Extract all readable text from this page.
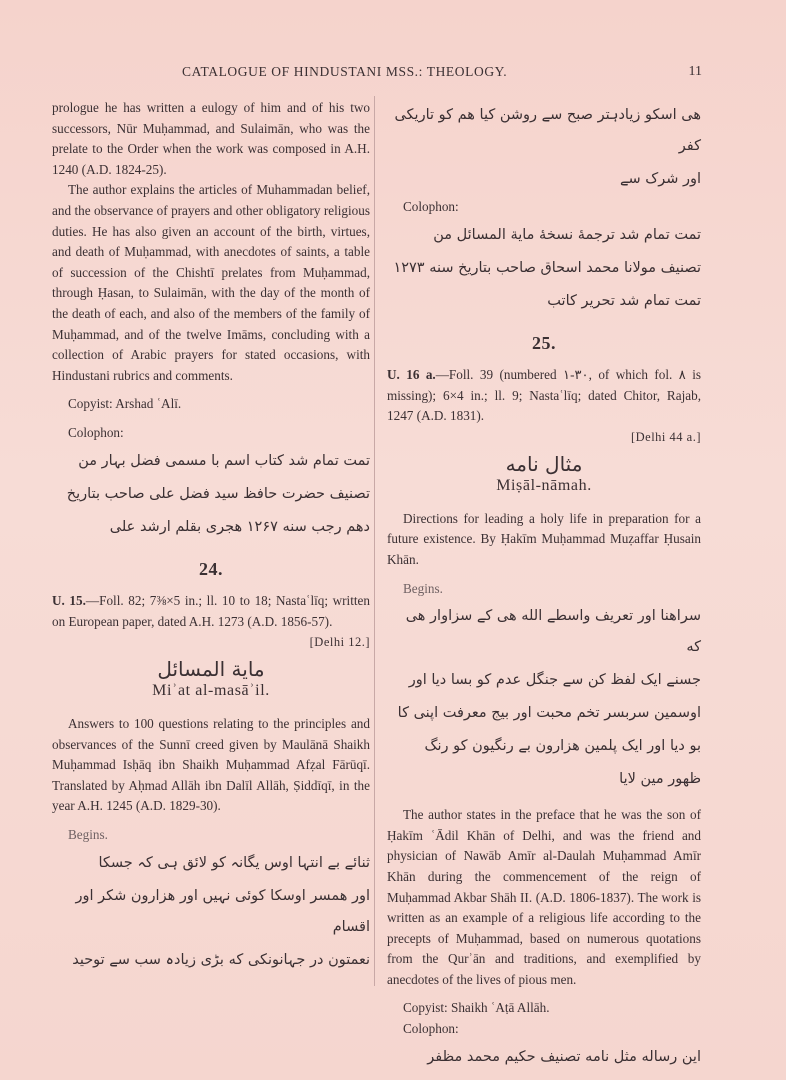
CATALOGUE OF HINDUSTANI MSS.: THEOLOGY.	11

prologue he has written a eulogy of him and of his two successors, Nūr Muḥammad, and Sulaimān, who was the prelate to the Order when the work was composed in A.H. 1240 (A.D. 1824-25).

The author explains the articles of Muhammadan belief, and the observance of prayers and other obligatory religious duties. He has also given an account of the birth, virtues, and death of Muḥammad, with anecdotes of saints, a table of succession of the Chishtī prelates from Muḥammad, through Ḥasan, to Sulaimān, with the day of the month of the death of each, and also of the members of the family of Muḥammad, and of the twelve Imāms, concluding with a collection of Arabic prayers for stated occasions, with Hindustani rubrics and comments.

Copyist: Arshad ʿAlī.

Colophon:

تمت تمام شد کتاب اسم با مسمی فضل بہار من
تصنیف حضرت حافظ سید فضل علی صاحب بتاریخ
دهم رجب سنه ۱۲۶۷ هجری بقلم ارشد علی
24.

U. 15.—Foll. 82; 7⅜×5 in.; ll. 10 to 18; Nastaʿlīq; written on European paper, dated A.H. 1273 (A.D. 1856-57).

[Delhi 12.]
ماية المسائل
Miʾat al-masāʾil.

Answers to 100 questions relating to the principles and observances of the Sunnī creed given by Maulānā Shaikh Muḥammad Isḥāq ibn Shaikh Muḥammad Afẓal Fārūqī. Translated by Aḥmad Allāh ibn Dalīl Allāh, Ṣiddīqī, in the year A.H. 1245 (A.D. 1829-30).

Begins.

ثنائے بے انتہا اوس یگانہ کو لائق ہی کہ جسکا
اور همسر اوسکا کوئی نہیں اور هزارون شکر اور اقسام
نعمتون در جہانونکی که بڑی زیادہ سب سے توحید
هی اسکو زیادہتر صبح سے روشن کیا هم کو تاریکی کفر
اور شرک سے

Colophon:

تمت تمام شد ترجمهٔ نسخهٔ ماية المسائل من
تصنیف مولانا محمد اسحاق صاحب بتاریخ سنه ۱۲۷۳
تمت تمام شد تحریر کاتب
25.

U. 16 a.—Foll. 39 (numbered ۱-۳۰, of which fol. ۸ is missing); 6×4 in.; ll. 9; Nastaʿlīq; dated Chitor, Rajab, 1247 (A.D. 1831).

[Delhi 44 a.]
مثال نامه
Miṣāl-nāmah.

Directions for leading a holy life in preparation for a future existence. By Ḥakīm Muḥammad Muẓaffar Ḥusain Khān.

Begins.

سراهنا اور تعریف واسطے الله هی کے سزاوار هی که
جسنے ایک لفظ کن سے جنگل عدم کو بسا دیا اور
اوسمین سربسر تخم محبت اور بیج معرفت اپنی کا
بو دیا اور ایک پلمین هزارون بے رنگیون کو رنگ
ظهور مین لایا

The author states in the preface that he was the son of Ḥakīm ʿĀdil Khān of Delhi, and was the friend and physician of Nawāb Amīr al-Daulah Muḥammad Amīr Khān during the commencement of the reign of Muḥammad Akbar Shāh II. (A.D. 1806-1837). The work is written as an example of a religious life according to the precepts of Muḥammad, based on numerous quotations from the Qurʾān and traditions, and exemplified by anecdotes of the lives of pious men.

Copyist: Shaikh ʿAṭā Allāh.

Colophon:

این رساله مثل نامه تصنیف حکیم محمد مظفر
